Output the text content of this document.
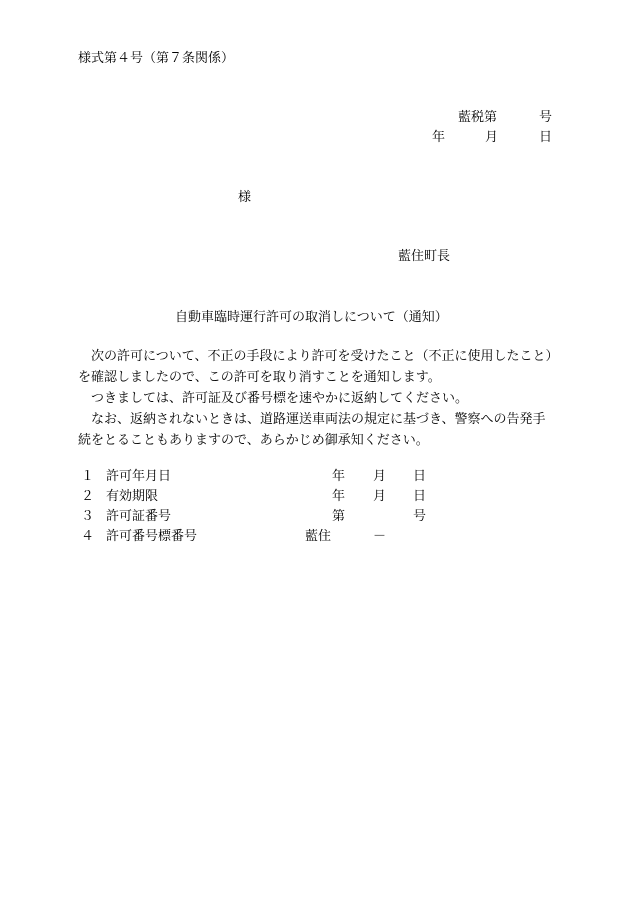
様式第４号（第７条関係）
藍税第	号
年	月	日
様
藍住町長
自動車臨時運行許可の取消しについて（通知）

　次の許可について、不正の手段により許可を受けたこと（不正に使用したこと）を確認しましたので、この許可を取り消すことを通知します。

　つきましては、許可証及び番号標を速やかに返納してください。

　なお、返納されないときは、道路運送車両法の規定に基づき、警察への告発手続をとることもありますので、あらかじめ御承知ください。

１ 許可年月日	年 月 日
２ 有効期限	年 月 日
３ 許可証番号	第	号
４ 許可番号標番号	藍住	－
